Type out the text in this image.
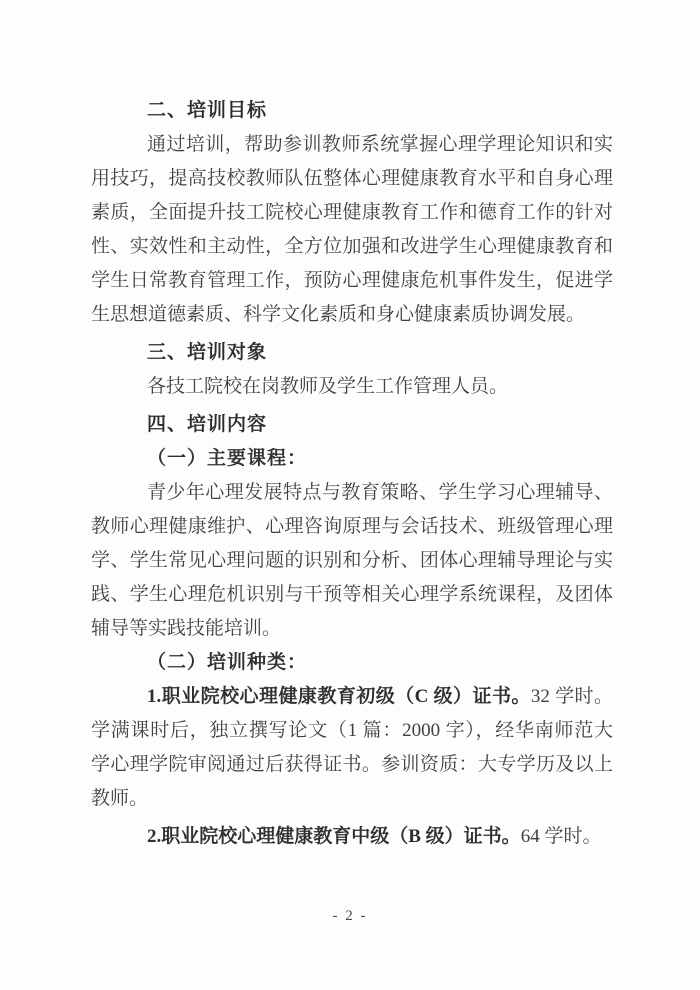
二、培训目标

通过培训，帮助参训教师系统掌握心理学理论知识和实用技巧，提高技校教师队伍整体心理健康教育水平和自身心理素质，全面提升技工院校心理健康教育工作和德育工作的针对性、实效性和主动性，全方位加强和改进学生心理健康教育和学生日常教育管理工作，预防心理健康危机事件发生，促进学生思想道德素质、科学文化素质和身心健康素质协调发展。

三、培训对象

各技工院校在岗教师及学生工作管理人员。

四、培训内容
（一）主要课程：

青少年心理发展特点与教育策略、学生学习心理辅导、教师心理健康维护、心理咨询原理与会话技术、班级管理心理学、学生常见心理问题的识别和分析、团体心理辅导理论与实践、学生心理危机识别与干预等相关心理学系统课程，及团体辅导等实践技能培训。

（二）培训种类：

1.职业院校心理健康教育初级（C 级）证书。32 学时。学满课时后，独立撰写论文（1 篇：2000 字），经华南师范大学心理学院审阅通过后获得证书。参训资质：大专学历及以上教师。

2.职业院校心理健康教育中级（B 级）证书。64 学时。

- 2 -
